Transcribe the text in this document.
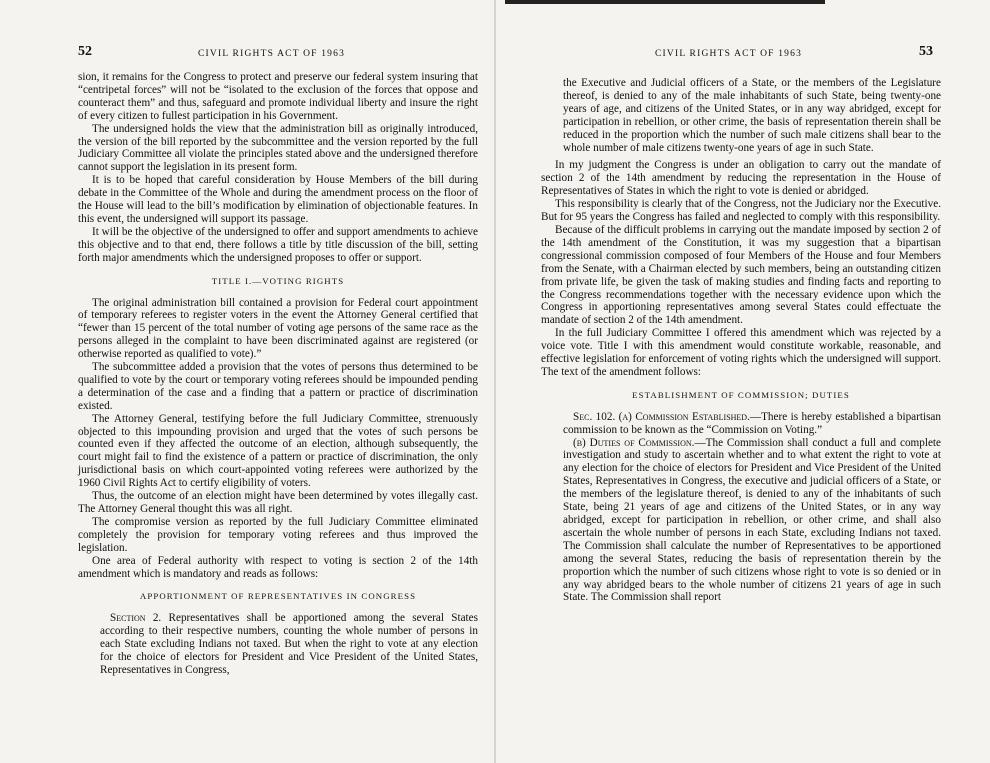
52	CIVIL RIGHTS ACT OF 1963

sion, it remains for the Congress to protect and preserve our federal system insuring that “centripetal forces” will not be “isolated to the exclusion of the forces that oppose and counteract them” and thus, safeguard and promote individual liberty and insure the right of every citizen to fullest participation in his Government.

The undersigned holds the view that the administration bill as originally introduced, the version of the bill reported by the subcommittee and the version reported by the full Judiciary Committee all violate the principles stated above and the undersigned therefore cannot support the legislation in its present form.

It is to be hoped that careful consideration by House Members of the bill during debate in the Committee of the Whole and during the amendment process on the floor of the House will lead to the bill’s modification by elimination of objectionable features. In this event, the undersigned will support its passage.

It will be the objective of the undersigned to offer and support amendments to achieve this objective and to that end, there follows a title by title discussion of the bill, setting forth major amendments which the undersigned proposes to offer or support.

TITLE I.—VOTING RIGHTS

The original administration bill contained a provision for Federal court appointment of temporary referees to register voters in the event the Attorney General certified that “fewer than 15 percent of the total number of voting age persons of the same race as the persons alleged in the complaint to have been discriminated against are registered (or otherwise reported as qualified to vote).”

The subcommittee added a provision that the votes of persons thus determined to be qualified to vote by the court or temporary voting referees should be impounded pending a determination of the case and a finding that a pattern or practice of discrimination existed.

The Attorney General, testifying before the full Judiciary Committee, strenuously objected to this impounding provision and urged that the votes of such persons be counted even if they affected the outcome of an election, although subsequently, the court might fail to find the existence of a pattern or practice of discrimination, the only jurisdictional basis on which court-appointed voting referees were authorized by the 1960 Civil Rights Act to certify eligibility of voters.

Thus, the outcome of an election might have been determined by votes illegally cast. The Attorney General thought this was all right.

The compromise version as reported by the full Judiciary Committee eliminated completely the provision for temporary voting referees and thus improved the legislation.

One area of Federal authority with respect to voting is section 2 of the 14th amendment which is mandatory and reads as follows:

APPORTIONMENT OF REPRESENTATIVES IN CONGRESS

Section 2. Representatives shall be apportioned among the several States according to their respective numbers, counting the whole number of persons in each State excluding Indians not taxed. But when the right to vote at any election for the choice of electors for President and Vice President of the United States, Representatives in Congress,

CIVIL RIGHTS ACT OF 1963	53

the Executive and Judicial officers of a State, or the members of the Legislature thereof, is denied to any of the male inhabitants of such State, being twenty-one years of age, and citizens of the United States, or in any way abridged, except for participation in rebellion, or other crime, the basis of representation therein shall be reduced in the proportion which the number of such male citizens shall bear to the whole number of male citizens twenty-one years of age in such State.

In my judgment the Congress is under an obligation to carry out the mandate of section 2 of the 14th amendment by reducing the representation in the House of Representatives of States in which the right to vote is denied or abridged.

This responsibility is clearly that of the Congress, not the Judiciary nor the Executive. But for 95 years the Congress has failed and neglected to comply with this responsibility.

Because of the difficult problems in carrying out the mandate imposed by section 2 of the 14th amendment of the Constitution, it was my suggestion that a bipartisan congressional commission composed of four Members of the House and four Members from the Senate, with a Chairman elected by such members, being an outstanding citizen from private life, be given the task of making studies and finding facts and reporting to the Congress recommendations together with the necessary evidence upon which the Congress in apportioning representatives among several States could effectuate the mandate of section 2 of the 14th amendment.

In the full Judiciary Committee I offered this amendment which was rejected by a voice vote. Title I with this amendment would constitute workable, reasonable, and effective legislation for enforcement of voting rights which the undersigned will support. The text of the amendment follows:

ESTABLISHMENT OF COMMISSION; DUTIES

Sec. 102. (a) Commission Established.—There is hereby established a bipartisan commission to be known as the “Commission on Voting.”

(b) Duties of Commission.—The Commission shall conduct a full and complete investigation and study to ascertain whether and to what extent the right to vote at any election for the choice of electors for President and Vice President of the United States, Representatives in Congress, the executive and judicial officers of a State, or the members of the legislature thereof, is denied to any of the inhabitants of such State, being 21 years of age and citizens of the United States, or in any way abridged, except for participation in rebellion, or other crime, and shall also ascertain the whole number of persons in each State, excluding Indians not taxed. The Commission shall calculate the number of Representatives to be apportioned among the several States, reducing the basis of representation therein by the proportion which the number of such citizens whose right to vote is so denied or in any way abridged bears to the whole number of citizens 21 years of age in such State. The Commission shall report
